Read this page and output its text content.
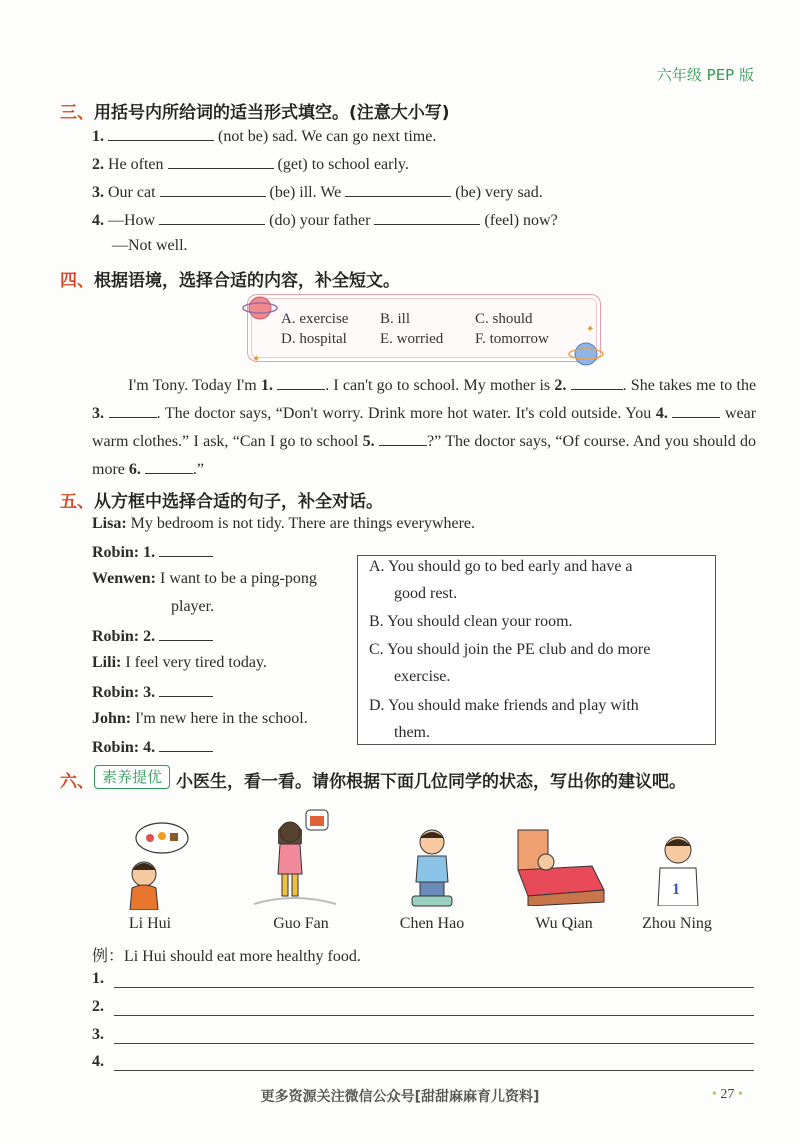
六年级 PEP 版
三、用括号内所给词的适当形式填空。(注意大小写)
1.	(not be) sad. We can go next time.
2. He often	(get) to school early.
3. Our cat	(be) ill. We	(be) very sad.
4. —How	(do) your father	(feel) now?
—Not well.
四、根据语境，选择合适的内容，补全短文。
✦
✦
A. exercise B. ill	C. should
D. hospital E. worried F. tomorrow
I'm Tony. Today I'm 1.	. I can't go to school. My mother is 2.	. She takes me to the 3.	. The doctor says, “Don't worry. Drink more hot water. It's cold outside. You 4.	wear warm clothes.” I ask, “Can I go to school 5.	?” The doctor says, “Of course. And you should do more 6.	.”
五、从方框中选择合适的句子，补全对话。
Lisa: My bedroom is not tidy. There are things everywhere.
Robin: 1.
Wenwen: I want to be a ping-pong
player.
Robin: 2.
Lili: I feel very tired today.
Robin: 3.
John: I'm new here in the school.
Robin: 4.
A. You should go to bed early and have a
good rest.
B. You should clean your room.
C. You should join the PE club and do more
exercise.
D. You should make friends and play with
them.
六、 素养提优 小医生，看一看。请你根据下面几位同学的状态，写出你的建议吧。
1
Li Hui	Guo Fan	Chen Hao	Wu Qian	Zhou Ning
例：Li Hui should eat more healthy food.
1.
2.
3.
4.
更多资源关注微信公众号[甜甜麻麻育儿资料]	• 27 •
